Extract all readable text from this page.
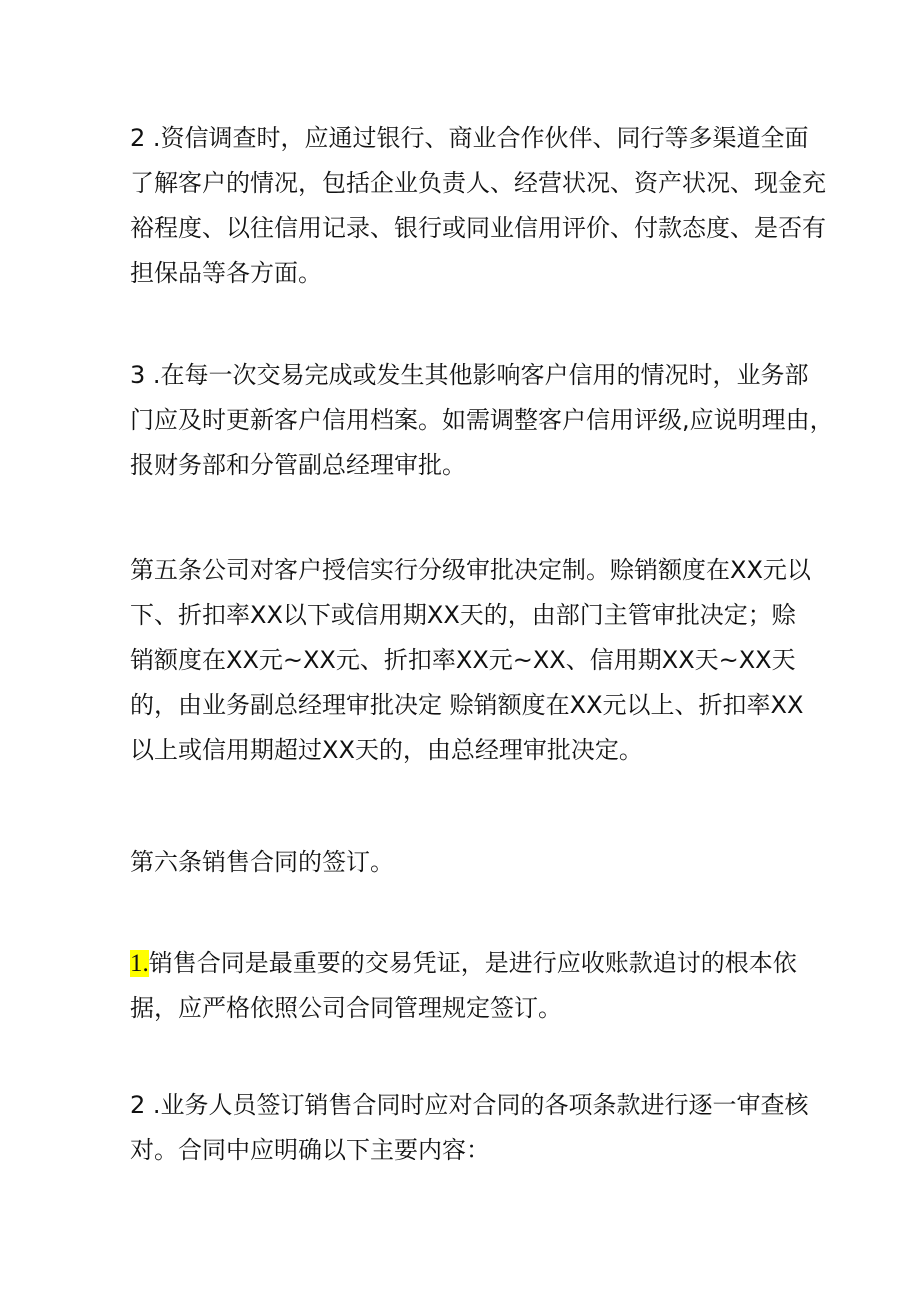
2 .资信调查时，应通过银行、商业合作伙伴、同行等多渠道全面
了解客户的情况，包括企业负责人、经营状况、资产状况、现金充
裕程度、以往信用记录、银行或同业信用评价、付款态度、是否有
担保品等各方面。
3 .在每一次交易完成或发生其他影响客户信用的情况时，业务部
门应及时更新客户信用档案。如需调整客户信用评级,应说明理由，
报财务部和分管副总经理审批。
第五条公司对客户授信实行分级审批决定制。赊销额度在XX元以
下、折扣率XX以下或信用期XX天的，由部门主管审批决定；赊
销额度在XX元~XX元、折扣率XX元~XX、信用期XX天~XX天
的，由业务副总经理审批决定 赊销额度在XX元以上、折扣率XX
以上或信用期超过XX天的，由总经理审批决定。
第六条销售合同的签订。
1.销售合同是最重要的交易凭证，是进行应收账款追讨的根本依
据，应严格依照公司合同管理规定签订。
2 .业务人员签订销售合同时应对合同的各项条款进行逐一审查核
对。合同中应明确以下主要内容：
